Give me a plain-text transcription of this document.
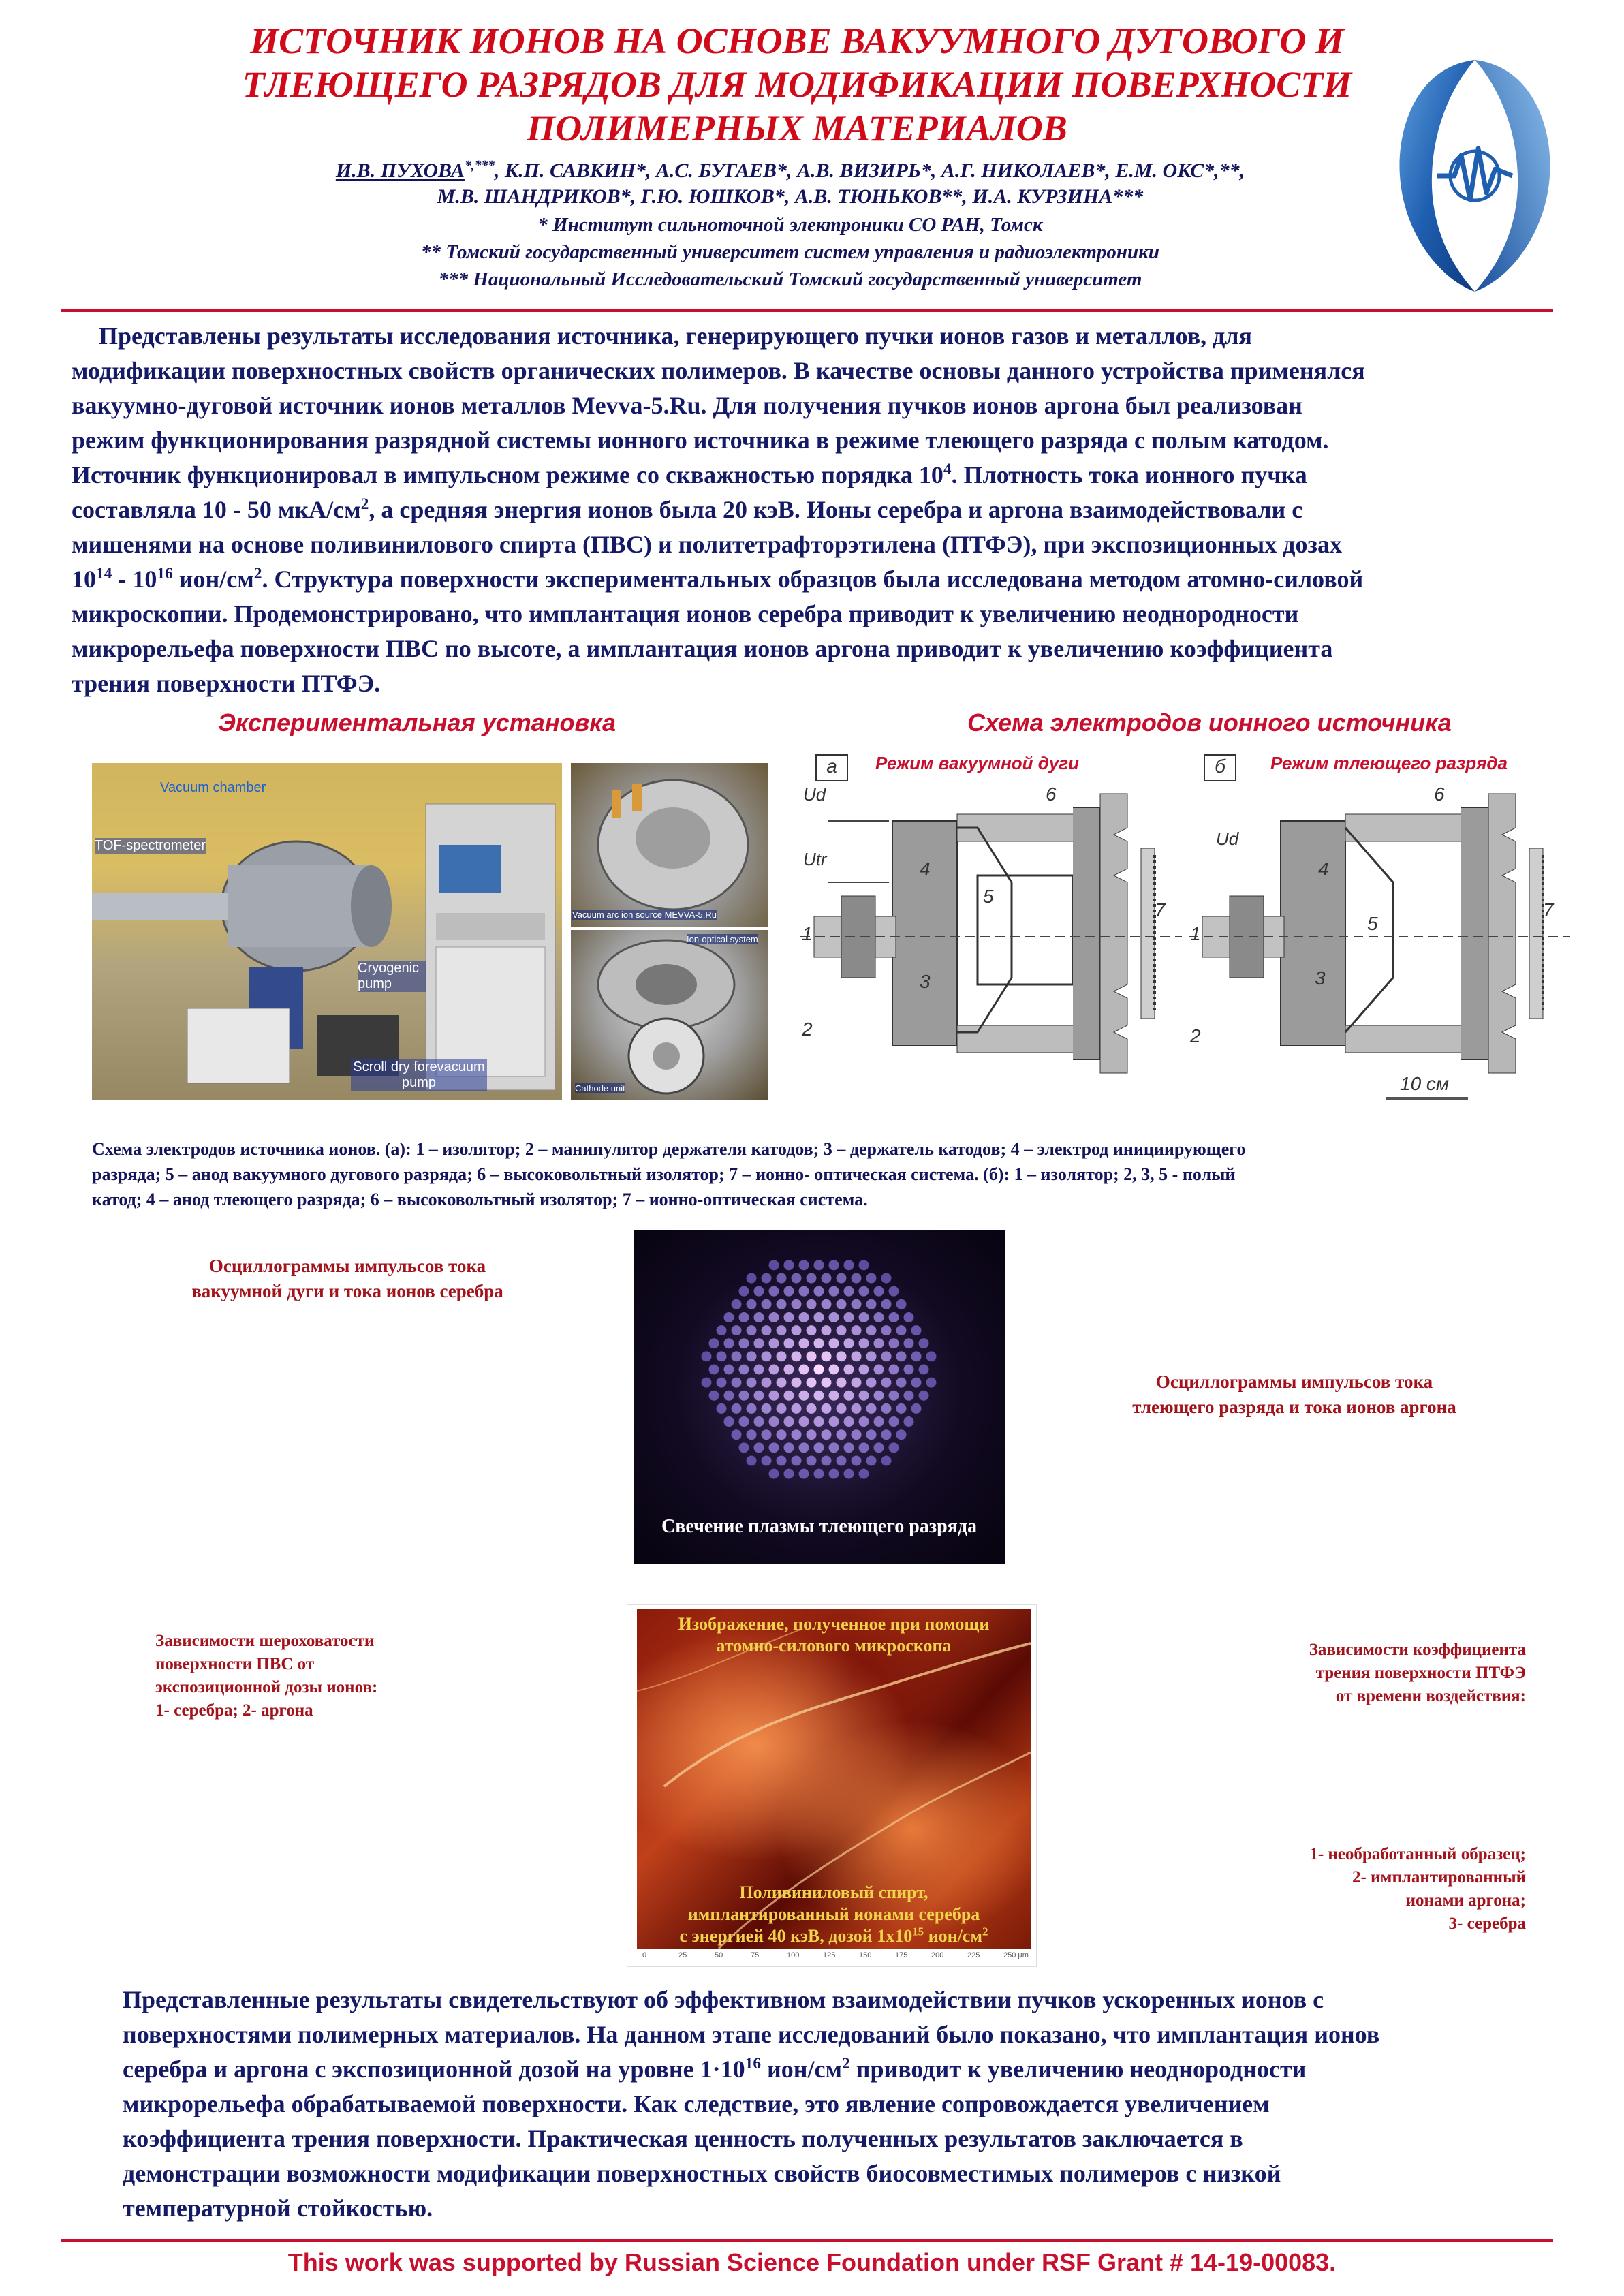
ИСТОЧНИК ИОНОВ НА ОСНОВЕ ВАКУУМНОГО ДУГОВОГО И
ТЛЕЮЩЕГО РАЗРЯДОВ ДЛЯ МОДИФИКАЦИИ ПОВЕРХНОСТИ
ПОЛИМЕРНЫХ МАТЕРИАЛОВ
И.В. ПУХОВА*,***, К.П. САВКИН*, А.С. БУГАЕВ*, А.В. ВИЗИРЬ*, А.Г. НИКОЛАЕВ*, Е.М. ОКС*,**,
М.В. ШАНДРИКОВ*, Г.Ю. ЮШКОВ*, А.В. ТЮНЬКОВ**, И.А. КУРЗИНА***
* Институт сильноточной электроники СО РАН, Томск
** Томский государственный университет систем управления и радиоэлектроники
*** Национальный Исследовательский Томский государственный университет
Представлены результаты исследования источника, генерирующего пучки ионов газов и металлов, для
модификации поверхностных свойств органических полимеров. В качестве основы данного устройства применялся
вакуумно-дуговой источник ионов металлов Mevva-5.Ru. Для получения пучков ионов аргона был реализован
режим функционирования разрядной системы ионного источника в режиме тлеющего разряда с полым катодом.
Источник функционировал в импульсном режиме со скважностью порядка $10^4$. Плотность тока ионного пучка
составляла 10 - 50 мкА/$см^2$, а средняя энергия ионов была 20 кэВ. Ионы серебра и аргона взаимодействовали с
мишенями на основе поливинилового спирта (ПВС) и политетрафторэтилена (ПТФЭ), при экспозиционных дозах
$10^{14} - 10^{16}$ ион/$см^2$. Структура поверхности экспериментальных образцов была исследована методом атомно-силовой
микроскопии. Продемонстрировано, что имплантация ионов серебра приводит к увеличению неоднородности
микрорельефа поверхности ПВС по высоте, а имплантация ионов аргона приводит к увеличению коэффициента
трения поверхности ПТФЭ.
Экспериментальная установка	Схема электродов ионного источника
Vacuum chamber
TOF-spectrometer
Cryogenic pump
Scroll dry forevacuum pump
Vacuum arc ion source MEVVA-5.Ru
Ion-optical system
Cathode unit
а	Режим вакуумной дуги
Ud
Utr
1
2
3
4
5
6
7
б	Режим тлеющего разряда
Ud
1
2
3
4
5
6
7
10 см
Схема электродов источника ионов. (а): 1 – изолятор; 2 – манипулятор держателя катодов; 3 – держатель катодов; 4 – электрод инициирующего
разряда; 5 – анод вакуумного дугового разряда; 6 – высоковольтный изолятор; 7 – ионно- оптическая система. (б): 1 – изолятор; 2, 3, 5 - полый
катод; 4 – анод тлеющего разряда; 6 – высоковольтный изолятор; 7 – ионно-оптическая система.
Осциллограммы импульсов тока
вакуумной дуги и тока ионов серебра
Свечение плазмы тлеющего разряда
Осциллограммы импульсов тока
тлеющего разряда и тока ионов аргона
Зависимости шероховатости
поверхности ПВС от
экспозиционной дозы ионов:
1- серебра; 2- аргона
Изображение, полученное при помощи
атомно-силового микроскопа
Поливиниловый спирт,
имплантированный ионами серебра
с энергией 40 кэВ, дозой $1х10^{15}$ ион/$см^2$
0	25	50	75	100	125	150	175	200	225	250 µm
Зависимости коэффициента
трения поверхности ПТФЭ
от времени воздействия:
1- необработанный образец;
2- имплантированный
ионами аргона;
3- серебра
Представленные результаты свидетельствуют об эффективном взаимодействии пучков ускоренных ионов с
поверхностями полимерных материалов. На данном этапе исследований было показано, что имплантация ионов
серебра и аргона с экспозиционной дозой на уровне $1\cdot 10^{16}$ ион/$см^2$ приводит к увеличению неоднородности
микрорельефа обрабатываемой поверхности. Как следствие, это явление сопровождается увеличением
коэффициента трения поверхности. Практическая ценность полученных результатов заключается в
демонстрации возможности модификации поверхностных свойств биосовместимых полимеров с низкой
температурной стойкостью.
This work was supported by Russian Science Foundation under RSF Grant # 14-19-00083.
